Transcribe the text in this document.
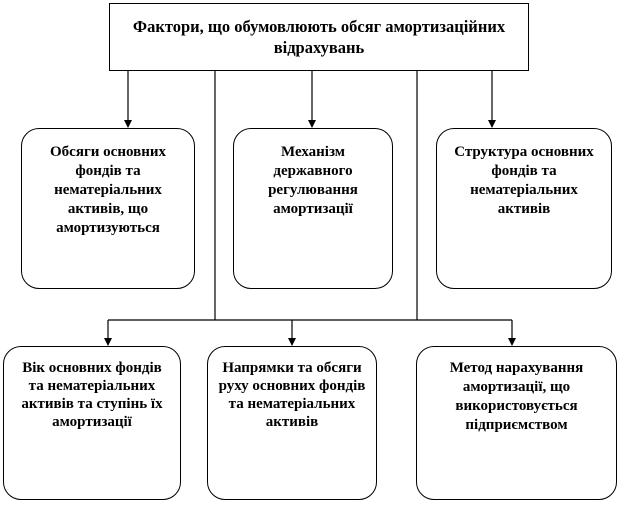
Фактори, що обумовлюють обсяг амортизаційних відрахувань
Обсяги основних фондів та нематеріальних активів, що амортизуються
Механізм державного регулювання амортизації
Структура основних фондів та нематеріальних активів
Вік основних фондів та нематеріальних активів та ступінь їх амортизації
Напрямки та обсяги руху основних фондів та нематеріальних активів
Метод нарахування амортизації, що використовується підприємством
